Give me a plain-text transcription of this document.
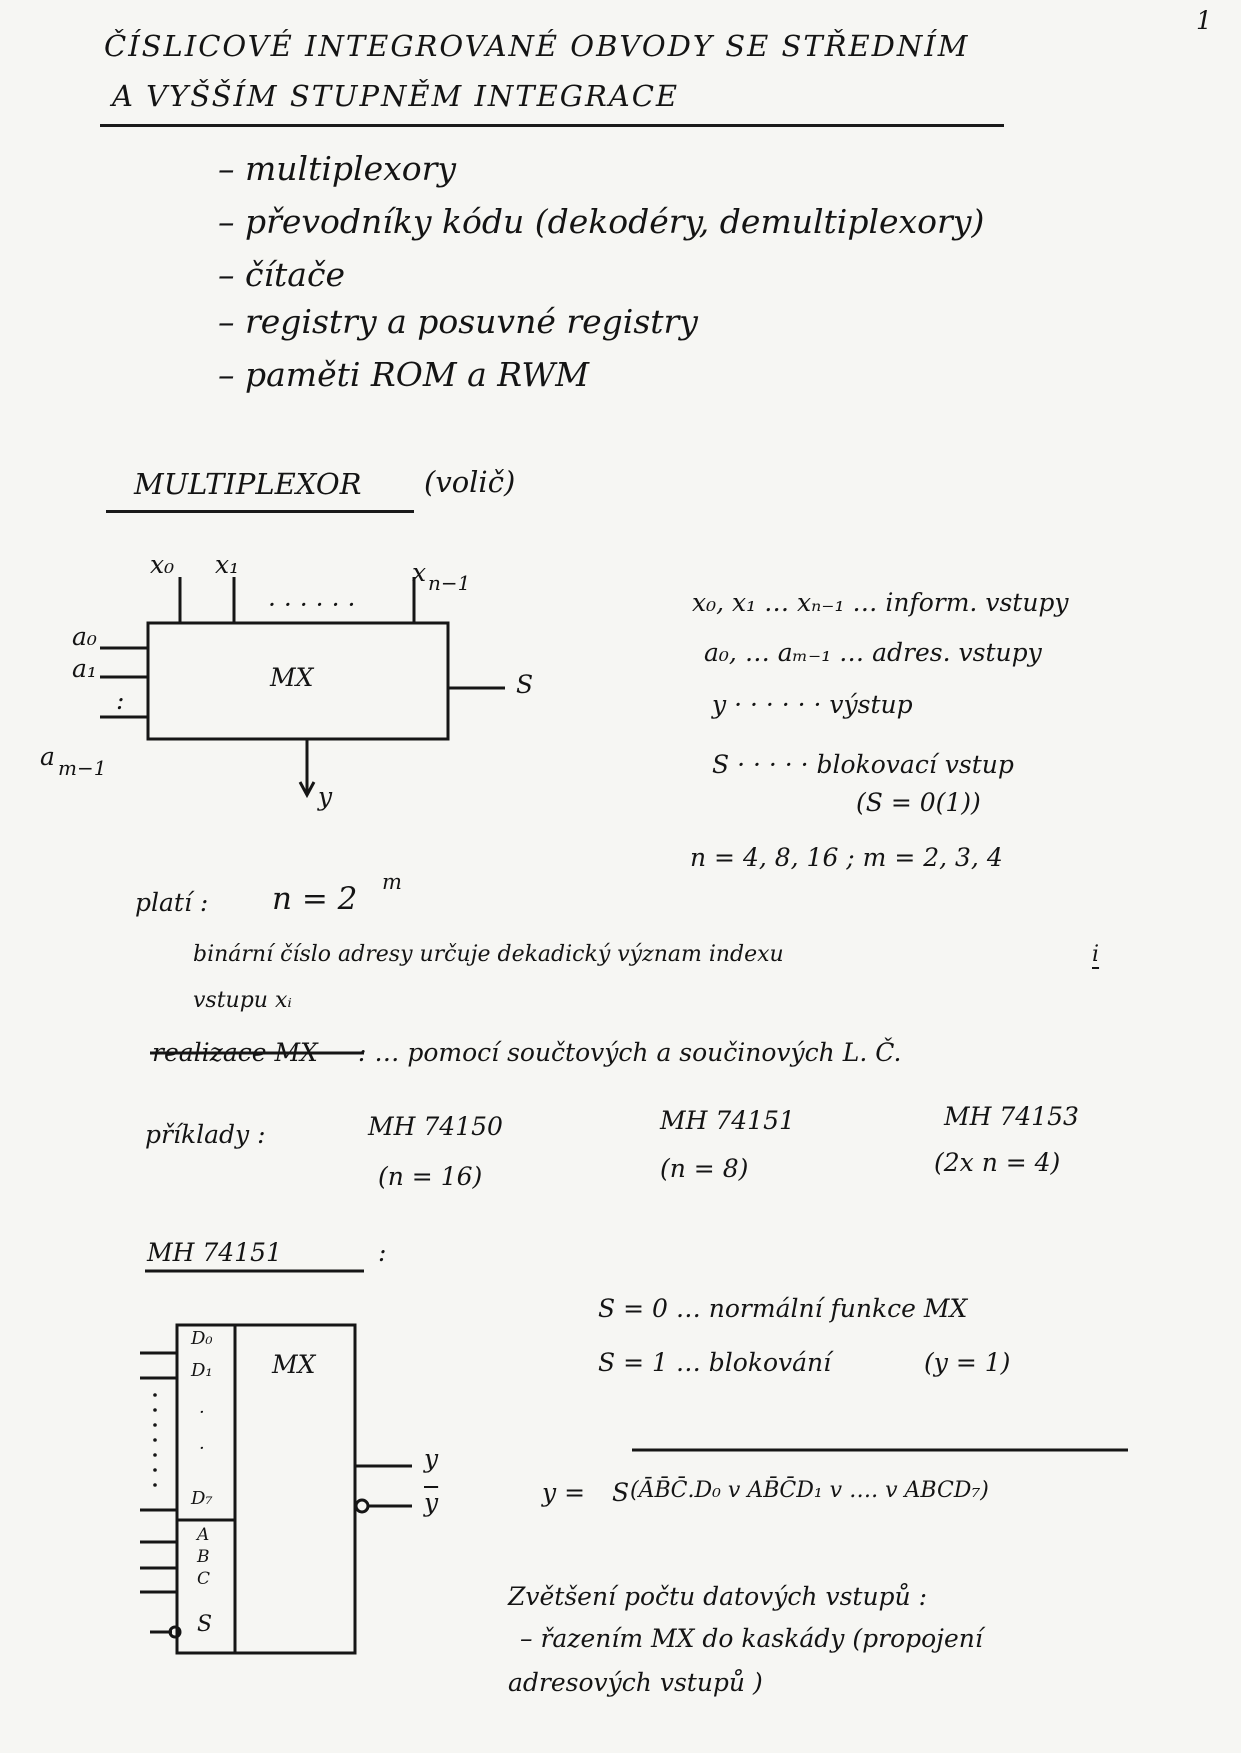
1
ČÍSLICOVÉ INTEGROVANÉ OBVODY SE STŘEDNÍM
A VYŠŠÍM STUPNĚM INTEGRACE
– multiplexory
– převodníky kódu (dekodéry, demultiplexory)
– čítače
– registry a posuvné registry
– paměti ROM a RWM
MULTIPLEXOR (volič)
x₀ x₁
· · · · · ·
x n−1
MX
a₀
a₁
:
a m−1
S
y
x₀, x₁ … xₙ₋₁ … inform. vstupy
a₀, … aₘ₋₁ … adres. vstupy
y · · · · · · výstup
S · · · · · blokovací vstup
(S = 0(1))
n = 4, 8, 16 ; m = 2, 3, 4
platí : n = 2 m
binární číslo adresy určuje dekadický význam indexu	i
vstupu xᵢ
realizace MX : … pomocí součtových a součinových L. Č.
příklady :	MH 74150
(n = 16)
MH 74151
(n = 8)
MH 74153
(2x n = 4)
MH 74151	:
MX
D₀
D₁
·
·
D₇
A
B
C
S
y
$\overline{y}$
S = 0 … normální funkce MX
S = 1 … blokování	(y = 1)
y = S (ĀB̄C̄.D₀ v AB̄C̄D₁ v …. v ABCD₇)
Zvětšení počtu datových vstupů :
– řazením MX do kaskády (propojení
adresových vstupů )
